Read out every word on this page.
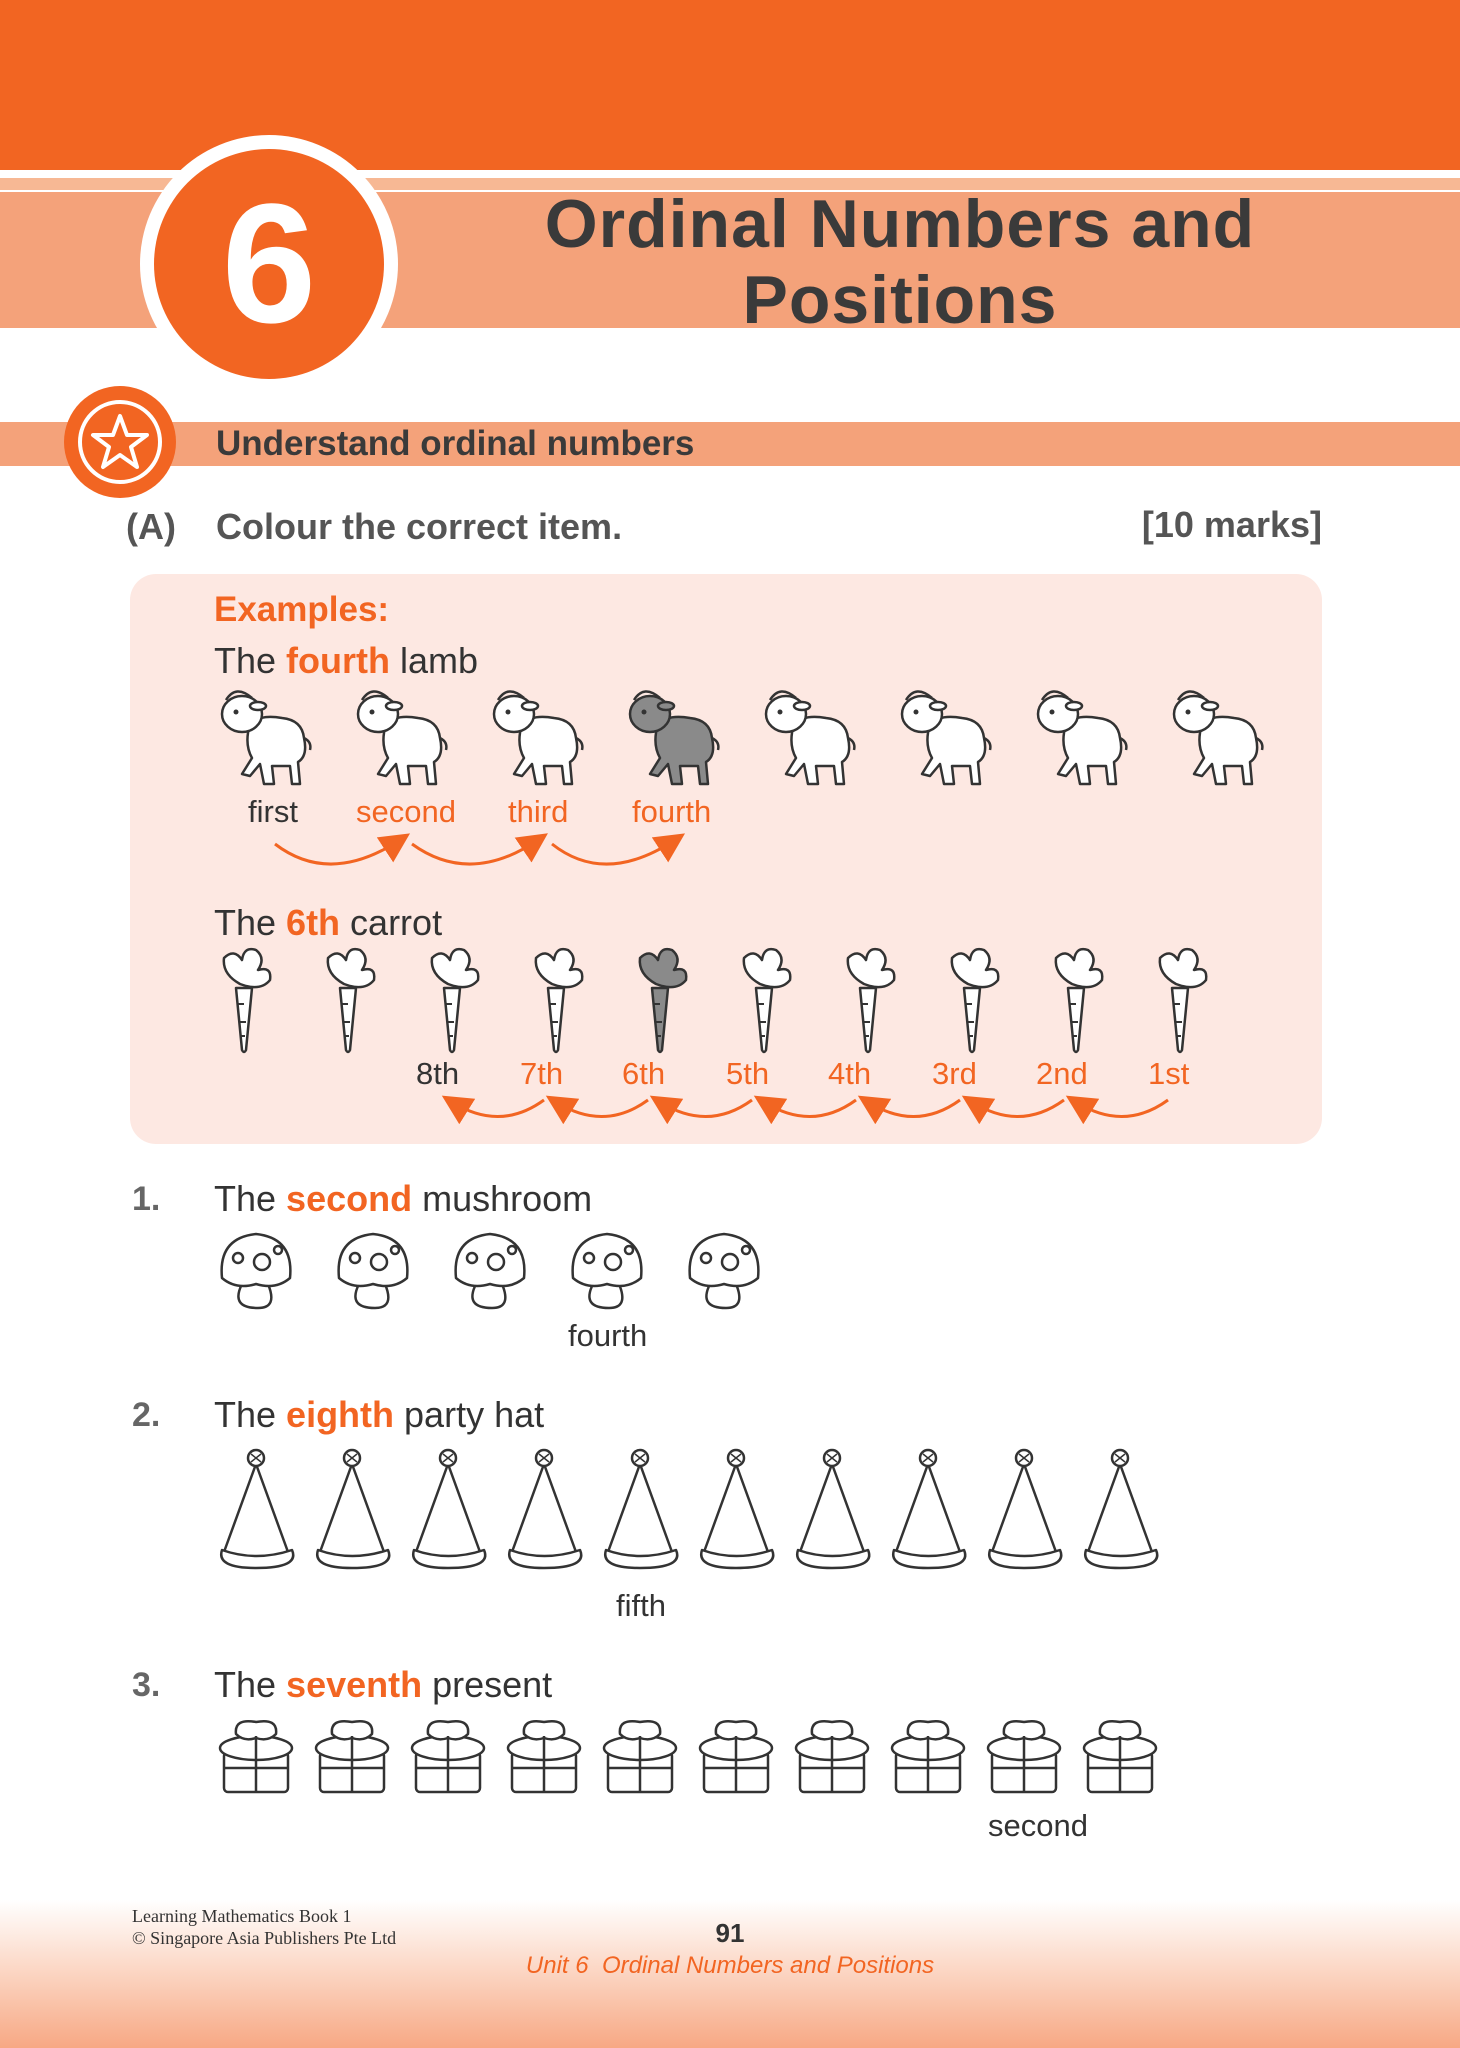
6	Ordinal Numbers and
Positions
Understand ordinal numbers
(A) Colour the correct item.	[10 marks]
Examples:
The fourth lamb
first second third fourth
The 6th carrot
8th 7th 6th 5th 4th 3rd 2nd 1st
1. The second mushroom
fourth
2. The eighth party hat
fifth
3. The seventh present
second
Learning Mathematics Book 1
© Singapore Asia Publishers Pte Ltd	91
Unit 6  Ordinal Numbers and Positions
